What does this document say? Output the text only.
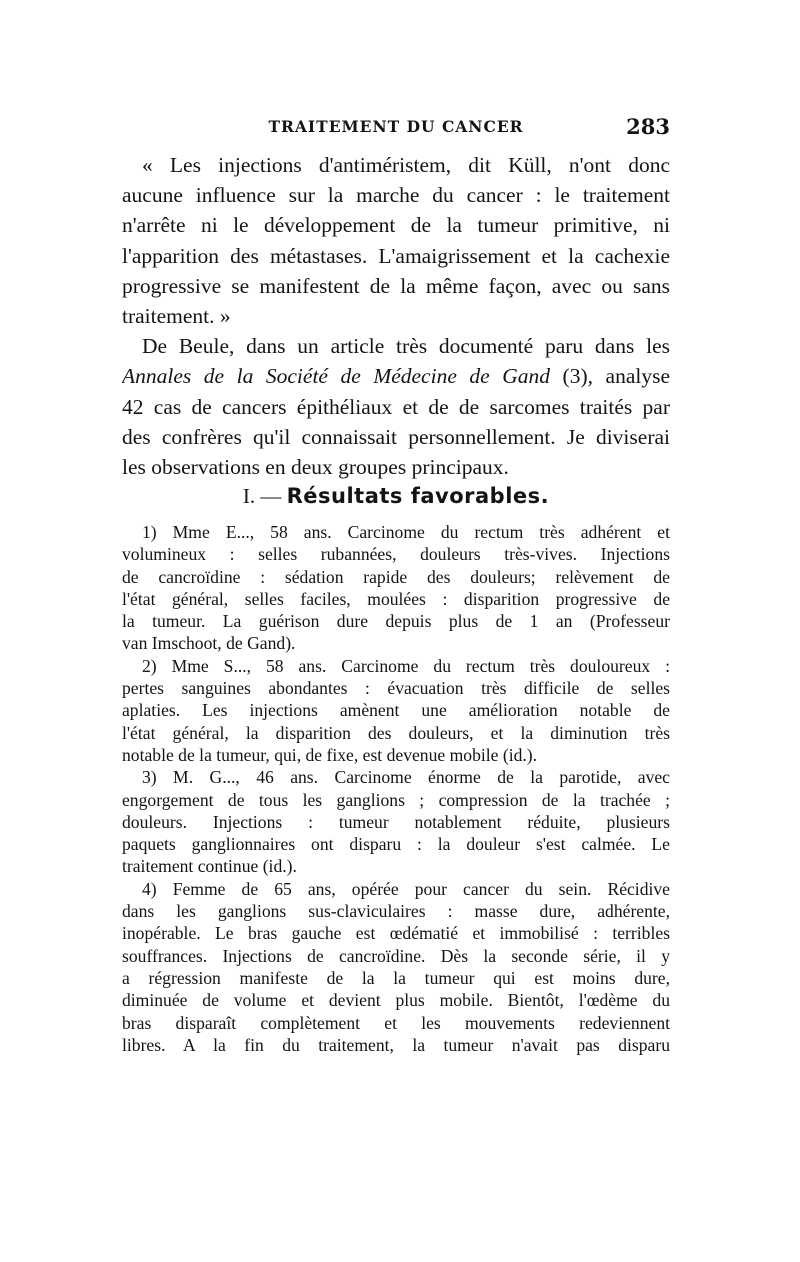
TRAITEMENT DU CANCER	283
« Les injections d'antiméristem, dit Küll, n'ont donc
aucune influence sur la marche du cancer : le traitement
n'arrête ni le développement de la tumeur primitive, ni
l'apparition des métastases. L'amaigrissement et la cachexie
progressive se manifestent de la même façon, avec ou sans
traitement. »
De Beule, dans un article très documenté paru dans les
Annales de la Société de Médecine de Gand (3), analyse
42 cas de cancers épithéliaux et de de sarcomes traités par
des confrères qu'il connaissait personnellement. Je diviserai
les observations en deux groupes principaux.
I. — Résultats favorables.
1) Mme E..., 58 ans. Carcinome du rectum très adhérent et
volumineux : selles rubannées, douleurs très-vives. Injections
de cancroïdine : sédation rapide des douleurs; relèvement de
l'état général, selles faciles, moulées : disparition progressive de
la tumeur. La guérison dure depuis plus de 1 an (Professeur
van Imschoot, de Gand).
2) Mme S..., 58 ans. Carcinome du rectum très douloureux :
pertes sanguines abondantes : évacuation très difficile de selles
aplaties. Les injections amènent une amélioration notable de
l'état général, la disparition des douleurs, et la diminution très
notable de la tumeur, qui, de fixe, est devenue mobile (id.).
3) M. G..., 46 ans. Carcinome énorme de la parotide, avec
engorgement de tous les ganglions ; compression de la trachée ;
douleurs. Injections : tumeur notablement réduite, plusieurs
paquets ganglionnaires ont disparu : la douleur s'est calmée. Le
traitement continue (id.).
4) Femme de 65 ans, opérée pour cancer du sein. Récidive
dans les ganglions sus-claviculaires : masse dure, adhérente,
inopérable. Le bras gauche est œdématié et immobilisé : terribles
souffrances. Injections de cancroïdine. Dès la seconde série, il y
a régression manifeste de la la tumeur qui est moins dure,
diminuée de volume et devient plus mobile. Bientôt, l'œdème du
bras disparaît complètement et les mouvements redeviennent
libres. A la fin du traitement, la tumeur n'avait pas disparu
